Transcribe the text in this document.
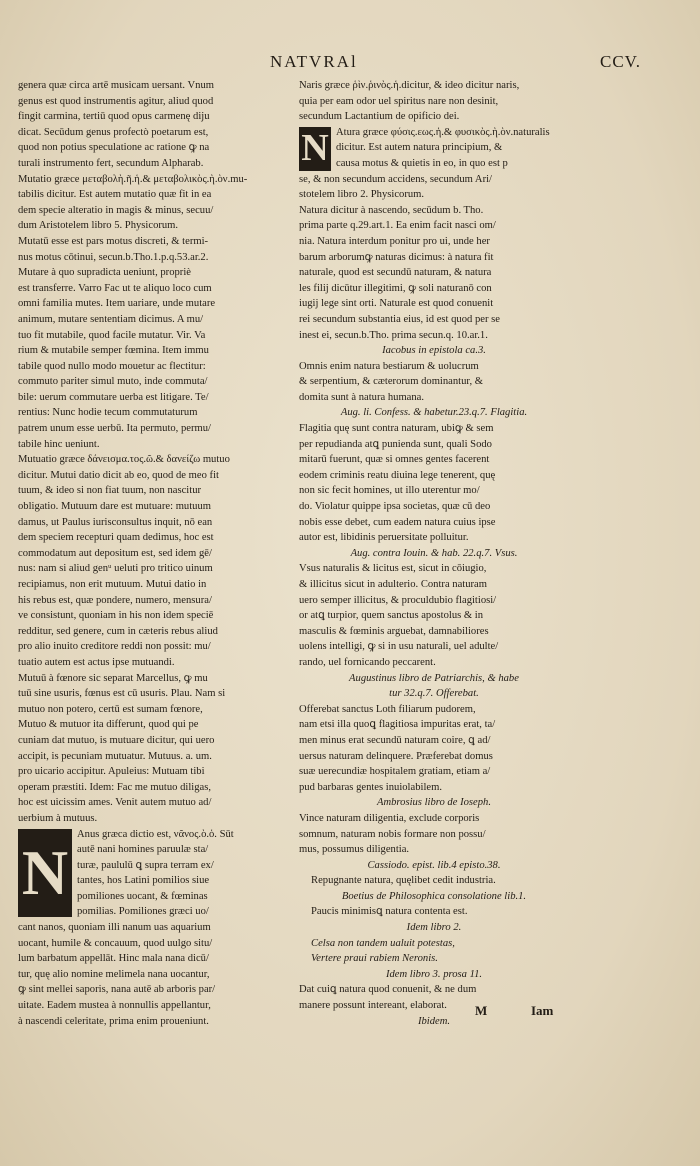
NATVRAl	CCV.

genera quæ circa artē musicam uersant. Vnum

genus est quod instrumentis agitur, aliud quod

fingit carmina, tertiū quod opus carmenę diju

dicat. Secūdum genus profectò poetarum est,

quod non potius speculatione ac ratione ꝙ na

turali instrumento fert, secundum Alpharab.

Mutatio græce μεταβολὴ.ῆ.ἡ.& μεταβολικὸς.ὴ.ὸν.mu-

tabilis dicitur. Est autem mutatio quæ fit in ea

dem specie alteratio in magis & minus, secuu/

dum Aristotelem libro 5. Physicorum.

Mutatū esse est pars motus discreti, & termi-

nus motus cōtinui, secun.b.Tho.1.p.q.53.ar.2.

Mutare à quo supradicta ueniunt, propriè

est transferre. Varro Fac ut te aliquo loco cum

omni familia mutes. Item uariare, unde mutare

animum, mutare sententiam dicimus. A mu/

tuo fit mutabile, quod facile mutatur. Vir. Va

rium & mutabile semper fœmina. Item immu

tabile quod nullo modo mouetur ac flectitur:

commuto pariter simul muto, inde commuta/

bile: uerum commutare uerba est litigare. Te/

rentius: Nunc hodie tecum commutaturum

patrem unum esse uerbū. Ita permuto, permu/

tabile hinc ueniunt.

Mutuatio græce δάνεισμα.τος.ῶ.& δανείζω mutuo

dicitur. Mutui datio dicit ab eo, quod de meo fit

tuum, & ideo si non fiat tuum, non nascitur

obligatio. Mutuum dare est mutuare: mutuum

damus, ut Paulus iurisconsultus inquit, nō ean

dem speciem recepturi quam dedimus, hoc est

commodatum aut depositum est, sed idem gē/

nus: nam si aliud genᵘ ueluti pro tritico uinum

recipiamus, non erit mutuum. Mutui datio in

his rebus est, quæ pondere, numero, mensura/

ve consistunt, quoniam in his non idem speciē

redditur, sed genere, cum in cæteris rebus aliud

pro alio inuito creditore reddi non possit: mu/

tuatio autem est actus ipse mutuandi.

Mutuū à fœnore sic separat Marcellus, ꝙ mu

tuū sine usuris, fœnus est cū usuris. Plau. Nam si

mutuo non potero, certū est sumam fœnore,

Mutuo & mutuor ita differunt, quod qui pe

cuniam dat mutuo, is mutuare dicitur, qui uero

accipit, is pecuniam mutuatur. Mutuus. a. um.

pro uicario accipitur. Apuleius: Mutuam tibi

operam præstiti. Idem: Fac me mutuo diligas,

hoc est uicissim ames. Venit autem mutuo ad/

uerbium à mutuus.

N

Anus græca dictio est, νᾶνος.ὸ.ὁ. Sūt

autē nani homines paruulæ sta/

turæ, paululū ꝗ supra terram ex/

tantes, hos Latini pomilios siue

pomiliones uocant, & fœminas

pomilias. Pomiliones græci uo/

cant nanos, quoniam illi nanum uas aquarium

uocant, humile & concauum, quod uulgo situ/

lum barbatum appellāt. Hinc mala nana dicū/

tur, quę alio nomine melimela nana uocantur,

ꝙ sint mellei saporis, nana autē ab arboris par/

uitate. Eadem mustea à nonnullis appellantur,

à nascendi celeritate, prima enim proueniunt.

Naris græce ῥὶν.ῥινὸς.ἡ.dicitur, & ideo dicitur naris,

quia per eam odor uel spiritus nare non desinit,

secundum Lactantium de opificio dei.

N Atura græce φύσις.εως.ἡ.& φυσικὸς.ὴ.ὸν.naturalis

dicitur. Est autem natura principium, &

causa motus & quietis in eo, in quo est p

se, & non secundum accidens, secundum Ari/

stotelem libro 2. Physicorum.

Natura dicitur à nascendo, secūdum b. Tho.

prima parte q.29.art.1. Ea enim facit nasci om/

nia. Natura interdum ponitur pro ui, unde her

barum arborumꝙ naturas dicimus: à natura fit

naturale, quod est secundū naturam, & natura

les filij dicūtur illegitimi, ꝙ soli naturanō con

iugij lege sint orti. Naturale est quod conuenit

rei secundum substantia eius, id est quod per se

inest ei, secun.b.Tho. prima secun.q. 10.ar.1.

Iacobus in epistola ca.3.

Omnis enim natura bestiarum & uolucrum

& serpentium, & cæterorum dominantur, &

domita sunt à natura humana.

Aug. li. Confess. & habetur.23.q.7. Flagitia.

Flagitia quę sunt contra naturam, ubiꝙ & sem

per repudianda atꝗ punienda sunt, quali Sodo

mitarū fuerunt, quæ si omnes gentes facerent

eodem criminis reatu diuina lege tenerent, quę

non sic fecit homines, ut illo uterentur mo/

do. Violatur quippe ipsa societas, quæ cū deo

nobis esse debet, cum eadem natura cuius ipse

autor est, libidinis peruersitate polluitur.

Aug. contra Iouin. & hab. 22.q.7. Vsus.

Vsus naturalis & licitus est, sicut in cōiugio,

& illicitus sicut in adulterio. Contra naturam

uero semper illicitus, & proculdubio flagitiosi/

or atꝗ turpior, quem sanctus apostolus & in

masculis & fœminis arguebat, damnabiliores

uolens intelligi, ꝙ si in usu naturali, uel adulte/

rando, uel fornicando peccarent.

Augustinus libro de Patriarchis, & habe

tur 32.q.7. Offerebat.

Offerebat sanctus Loth filiarum pudorem,

nam etsi illa quoꝗ flagitiosa impuritas erat, ta/

men minus erat secundū naturam coire, ꝗ ad/

uersus naturam delinquere. Præferebat domus

suæ uerecundiæ hospitalem gratiam, etiam a/

pud barbaras gentes inuiolabilem.

Ambrosius libro de Ioseph.

Vince naturam diligentia, exclude corporis

somnum, naturam nobis formare non possu/

mus, possumus diligentia.

Cassiodo. epist. lib.4 episto.38.

Repugnante natura, quęlibet cedit industria.

Boetius de Philosophica consolatione lib.1.

Paucis minimisꝗ natura contenta est.

Idem libro 2.

Celsa non tandem ualuit potestas,

Vertere praui rabiem Neronis.

Idem libro 3. prosa 11.

Dat cuiꝗ natura quod conuenit, & ne dum

manere possunt intereant, elaborat.

Ibidem.

M	Iam
